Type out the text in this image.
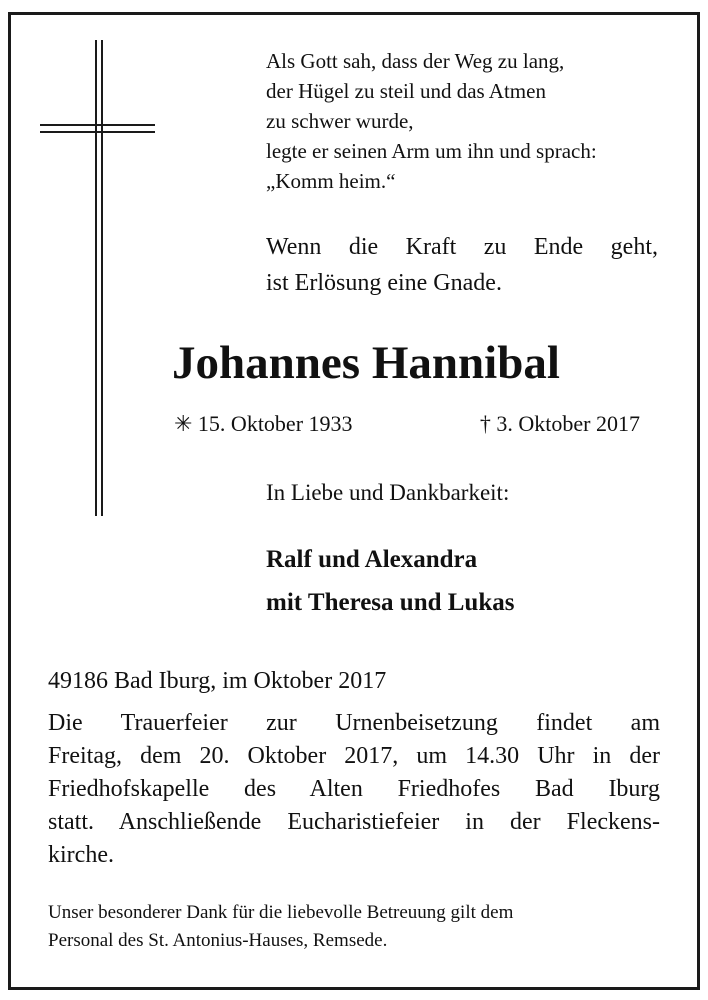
Als Gott sah, dass der Weg zu lang,
der Hügel zu steil und das Atmen
zu schwer wurde,
legte er seinen Arm um ihn und sprach:
„Komm heim.“
Wenn die Kraft zu Ende geht,
ist Erlösung eine Gnade.
Johannes Hannibal
✳ 15. Oktober 1933	† 3. Oktober 2017
In Liebe und Dankbarkeit:
Ralf und Alexandra
mit Theresa und Lukas
49186 Bad Iburg, im Oktober 2017
Die Trauerfeier zur Urnenbeisetzung findet am
Freitag, dem 20. Oktober 2017, um 14.30 Uhr in der
Friedhofskapelle des Alten Friedhofes Bad Iburg
statt. Anschließende Eucharistiefeier in der Fleckens-
kirche.
Unser besonderer Dank für die liebevolle Betreuung gilt dem
Personal des St. Antonius-Hauses, Remsede.
